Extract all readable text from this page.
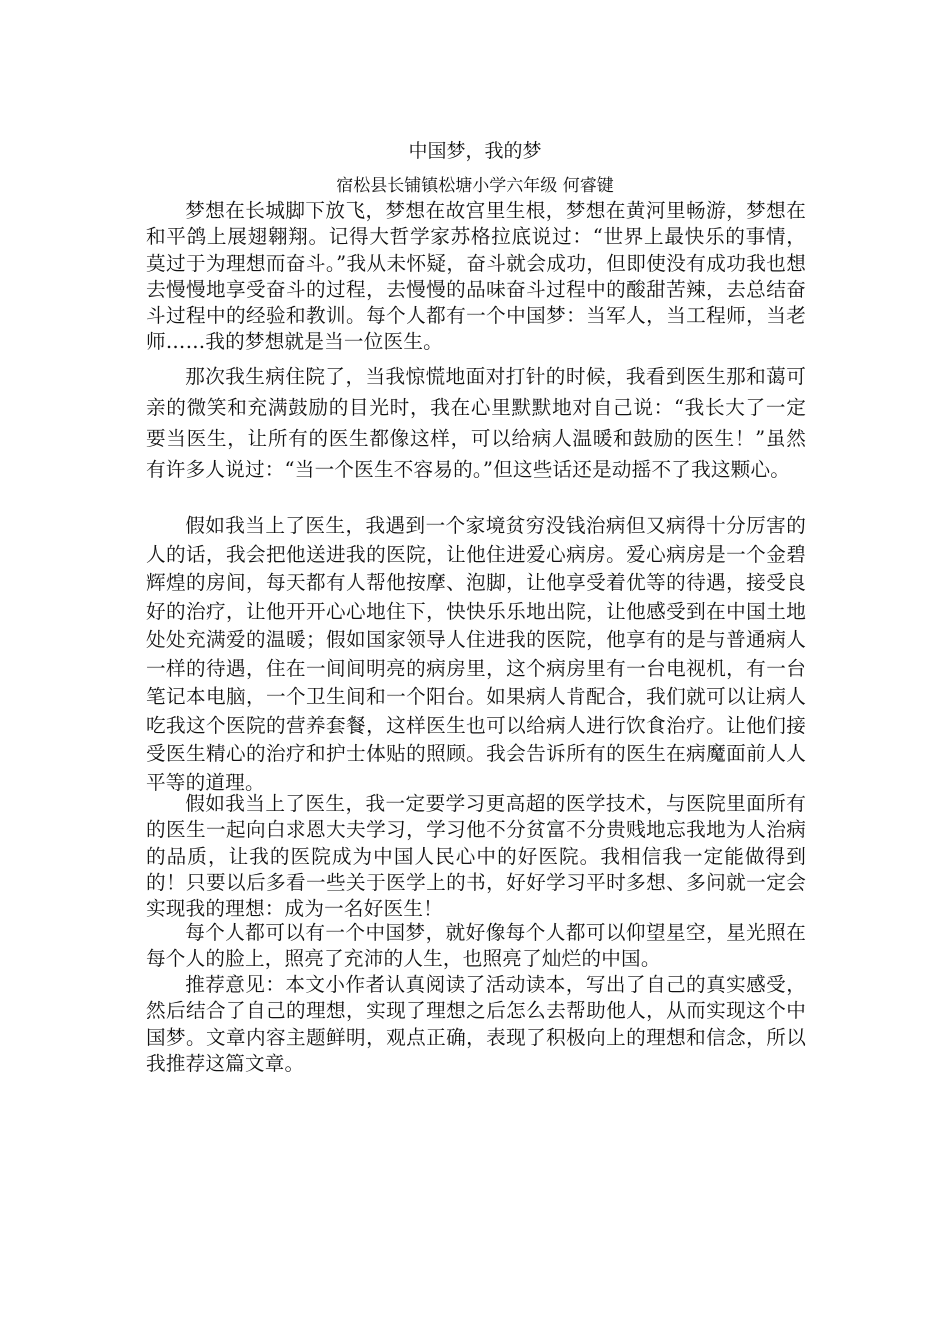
中国梦，我的梦
宿松县长铺镇松塘小学六年级 何睿键

梦想在长城脚下放飞，梦想在故宫里生根，梦想在黄河里畅游，梦想在和平鸽上展翅翱翔。记得大哲学家苏格拉底说过：“世界上最快乐的事情，莫过于为理想而奋斗。”我从未怀疑，奋斗就会成功，但即使没有成功我也想去慢慢地享受奋斗的过程，去慢慢的品味奋斗过程中的酸甜苦辣，去总结奋斗过程中的经验和教训。每个人都有一个中国梦：当军人，当工程师，当老师……我的梦想就是当一位医生。

那次我生病住院了，当我惊慌地面对打针的时候，我看到医生那和蔼可亲的微笑和充满鼓励的目光时，我在心里默默地对自己说：“我长大了一定要当医生，让所有的医生都像这样，可以给病人温暖和鼓励的医生！”虽然有许多人说过：“当一个医生不容易的。”但这些话还是动摇不了我这颗心。

假如我当上了医生，我遇到一个家境贫穷没钱治病但又病得十分厉害的人的话，我会把他送进我的医院，让他住进爱心病房。爱心病房是一个金碧辉煌的房间，每天都有人帮他按摩、泡脚，让他享受着优等的待遇，接受良好的治疗，让他开开心心地住下，快快乐乐地出院，让他感受到在中国土地处处充满爱的温暖；假如国家领导人住进我的医院，他享有的是与普通病人一样的待遇，住在一间间明亮的病房里，这个病房里有一台电视机，有一台笔记本电脑，一个卫生间和一个阳台。如果病人肯配合，我们就可以让病人吃我这个医院的营养套餐，这样医生也可以给病人进行饮食治疗。让他们接受医生精心的治疗和护士体贴的照顾。我会告诉所有的医生在病魔面前人人平等的道理。

假如我当上了医生，我一定要学习更高超的医学技术，与医院里面所有的医生一起向白求恩大夫学习，学习他不分贫富不分贵贱地忘我地为人治病的品质，让我的医院成为中国人民心中的好医院。我相信我一定能做得到的！只要以后多看一些关于医学上的书，好好学习平时多想、多问就一定会实现我的理想：成为一名好医生！

每个人都可以有一个中国梦，就好像每个人都可以仰望星空，星光照在每个人的脸上，照亮了充沛的人生，也照亮了灿烂的中国。

推荐意见：本文小作者认真阅读了活动读本，写出了自己的真实感受，然后结合了自己的理想，实现了理想之后怎么去帮助他人，从而实现这个中国梦。文章内容主题鲜明，观点正确，表现了积极向上的理想和信念，所以我推荐这篇文章。
